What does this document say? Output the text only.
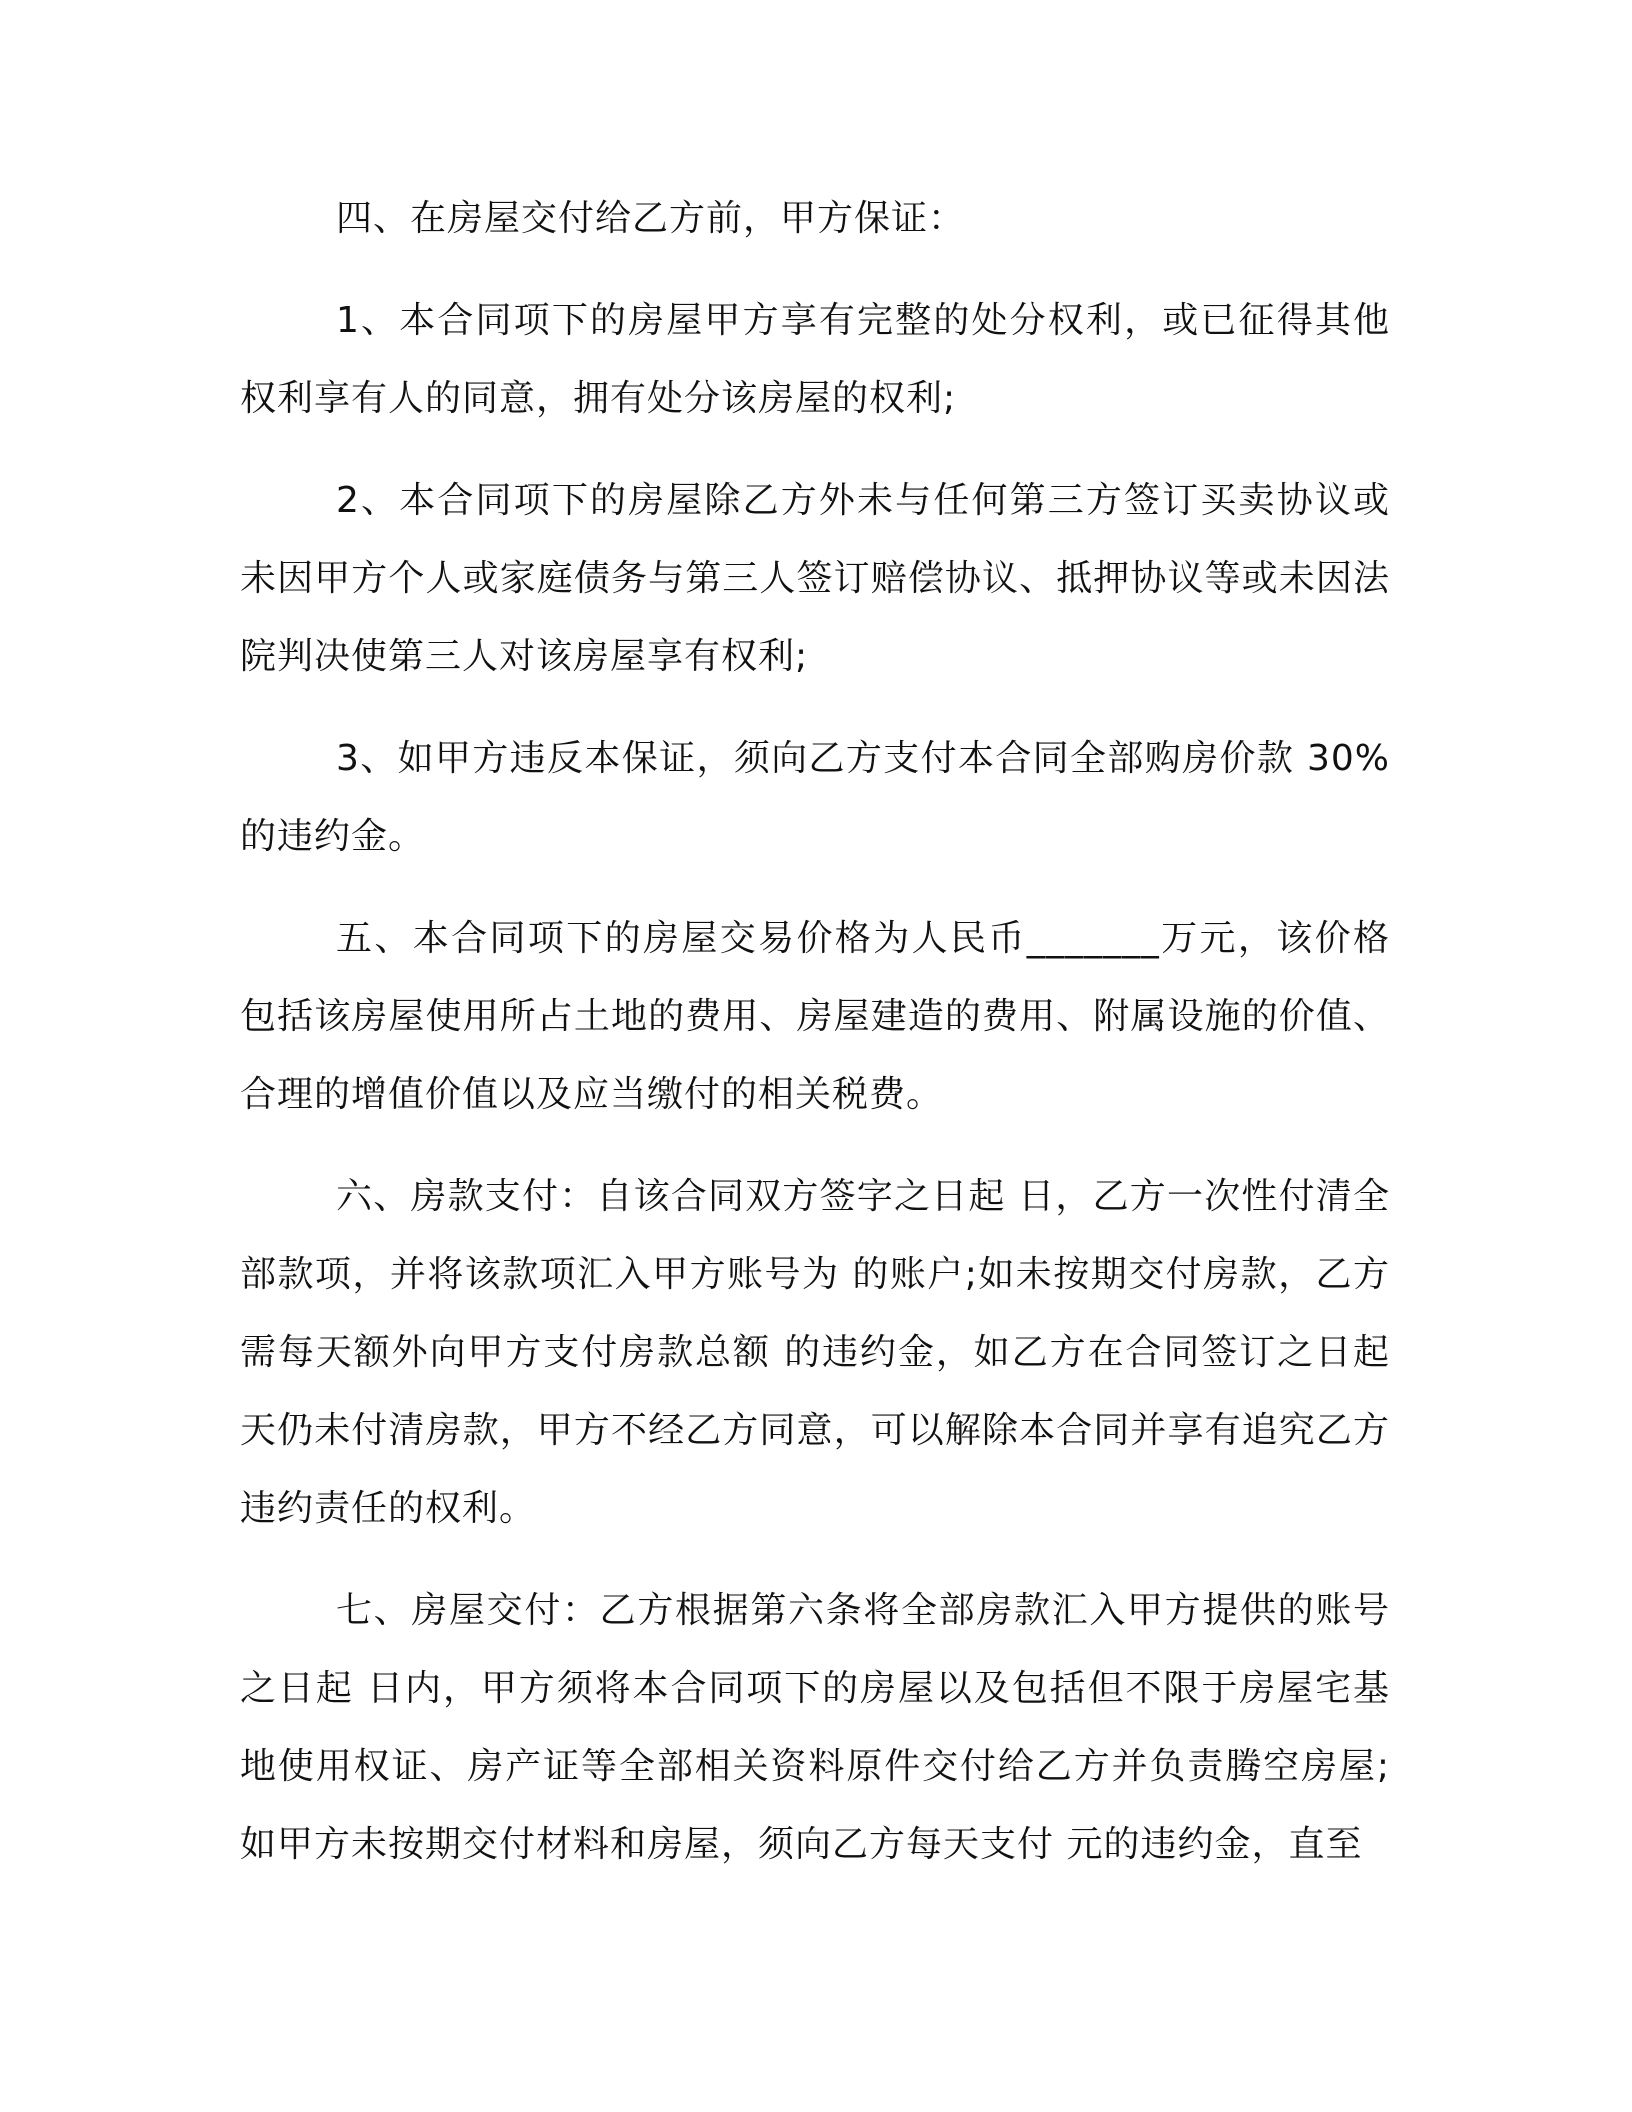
四、在房屋交付给乙方前，甲方保证：

1、本合同项下的房屋甲方享有完整的处分权利，或已征得其他权利享有人的同意，拥有处分该房屋的权利;

2、本合同项下的房屋除乙方外未与任何第三方签订买卖协议或未因甲方个人或家庭债务与第三人签订赔偿协议、抵押协议等或未因法院判决使第三人对该房屋享有权利;

3、如甲方违反本保证，须向乙方支付本合同全部购房价款 30%的违约金。

五、本合同项下的房屋交易价格为人民币_______万元，该价格包括该房屋使用所占土地的费用、房屋建造的费用、附属设施的价值、合理的增值价值以及应当缴付的相关税费。

六、房款支付：自该合同双方签字之日起 日，乙方一次性付清全部款项，并将该款项汇入甲方账号为 的账户;如未按期交付房款，乙方需每天额外向甲方支付房款总额 的违约金，如乙方在合同签订之日起 天仍未付清房款，甲方不经乙方同意，可以解除本合同并享有追究乙方违约责任的权利。

七、房屋交付：乙方根据第六条将全部房款汇入甲方提供的账号之日起 日内，甲方须将本合同项下的房屋以及包括但不限于房屋宅基地使用权证、房产证等全部相关资料原件交付给乙方并负责腾空房屋;如甲方未按期交付材料和房屋，须向乙方每天支付 元的违约金，直至
